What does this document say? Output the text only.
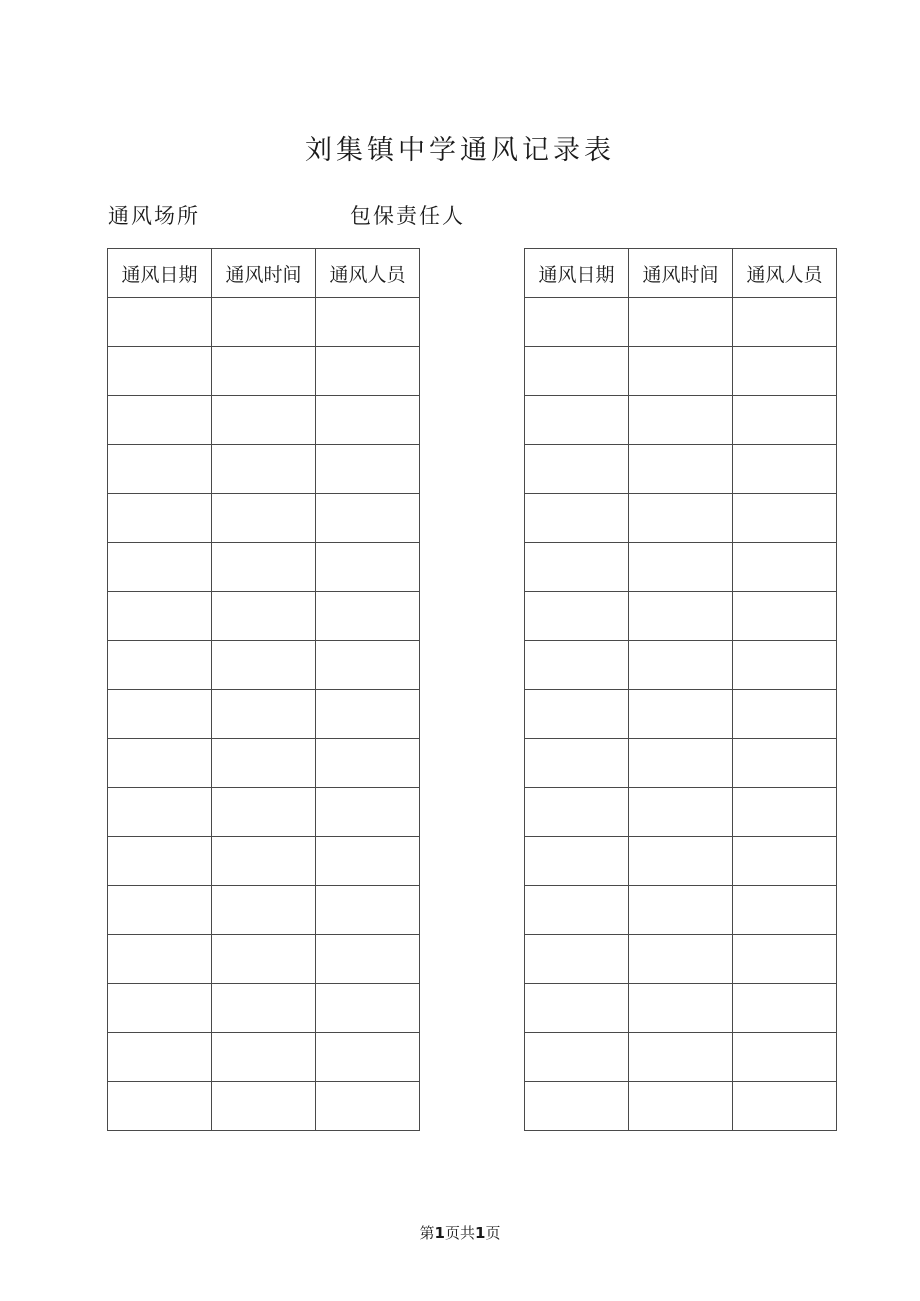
刘集镇中学通风记录表
通风场所	包保责任人
通风日期	通风时间	通风人员

			通风日期	通风时间	通风人员

第1页共1页
